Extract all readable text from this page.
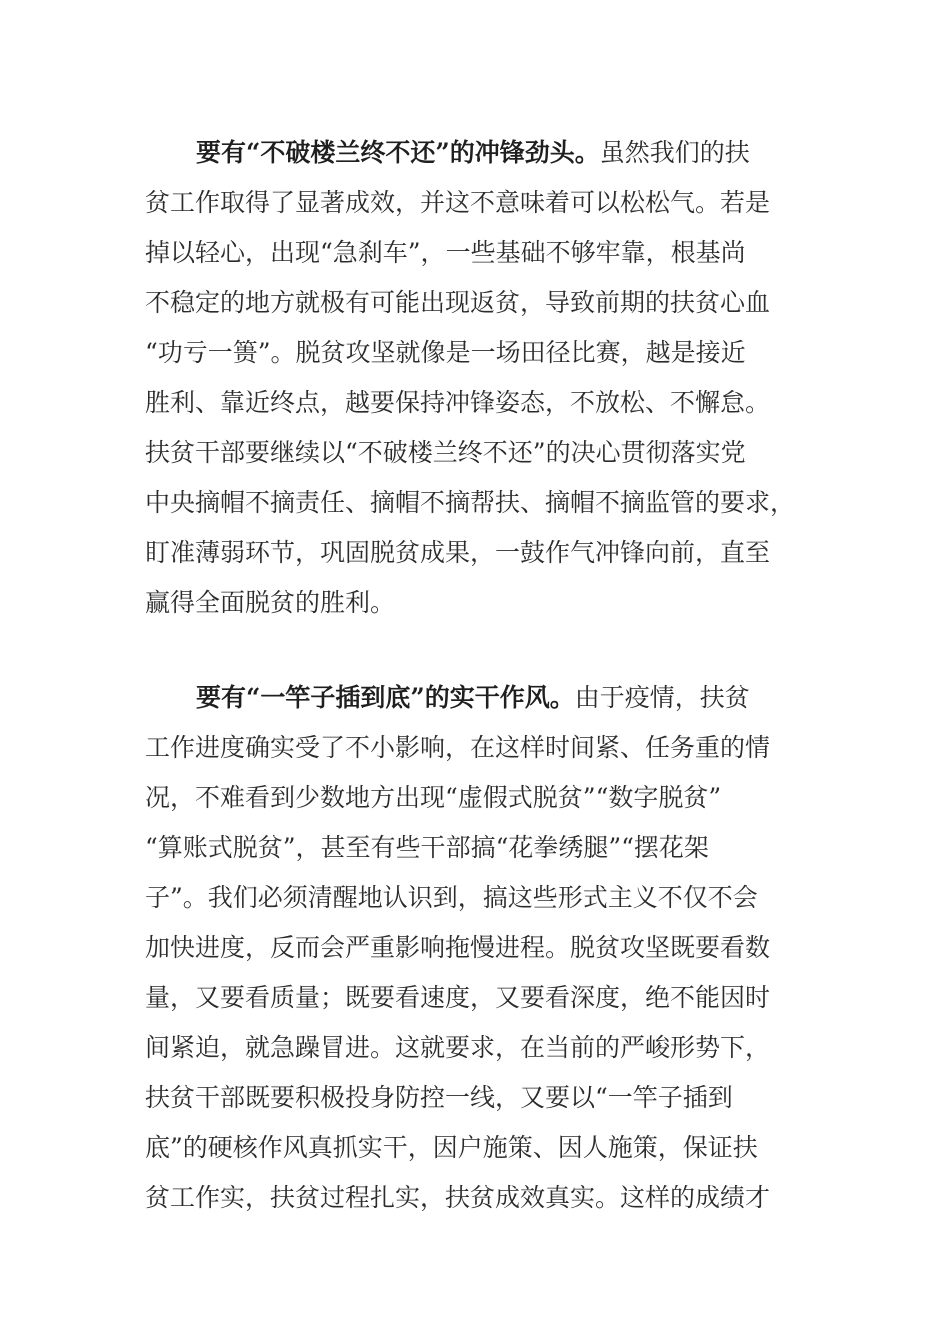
要有“不破楼兰终不还”的冲锋劲头。虽然我们的扶
贫工作取得了显著成效，并这不意味着可以松松气。若是
掉以轻心，出现“急刹车”，一些基础不够牢靠，根基尚
不稳定的地方就极有可能出现返贫，导致前期的扶贫心血
“功亏一篑”。脱贫攻坚就像是一场田径比赛，越是接近
胜利、靠近终点，越要保持冲锋姿态，不放松、不懈怠。
扶贫干部要继续以“不破楼兰终不还”的决心贯彻落实党
中央摘帽不摘责任、摘帽不摘帮扶、摘帽不摘监管的要求，
盯准薄弱环节，巩固脱贫成果，一鼓作气冲锋向前，直至
赢得全面脱贫的胜利。
要有“一竿子插到底”的实干作风。由于疫情，扶贫
工作进度确实受了不小影响，在这样时间紧、任务重的情
况，不难看到少数地方出现“虚假式脱贫”“数字脱贫”
“算账式脱贫”，甚至有些干部搞“花拳绣腿”“摆花架
子”。我们必须清醒地认识到，搞这些形式主义不仅不会
加快进度，反而会严重影响拖慢进程。脱贫攻坚既要看数
量，又要看质量；既要看速度，又要看深度，绝不能因时
间紧迫，就急躁冒进。这就要求，在当前的严峻形势下，
扶贫干部既要积极投身防控一线，又要以“一竿子插到
底”的硬核作风真抓实干，因户施策、因人施策，保证扶
贫工作实，扶贫过程扎实，扶贫成效真实。这样的成绩才
